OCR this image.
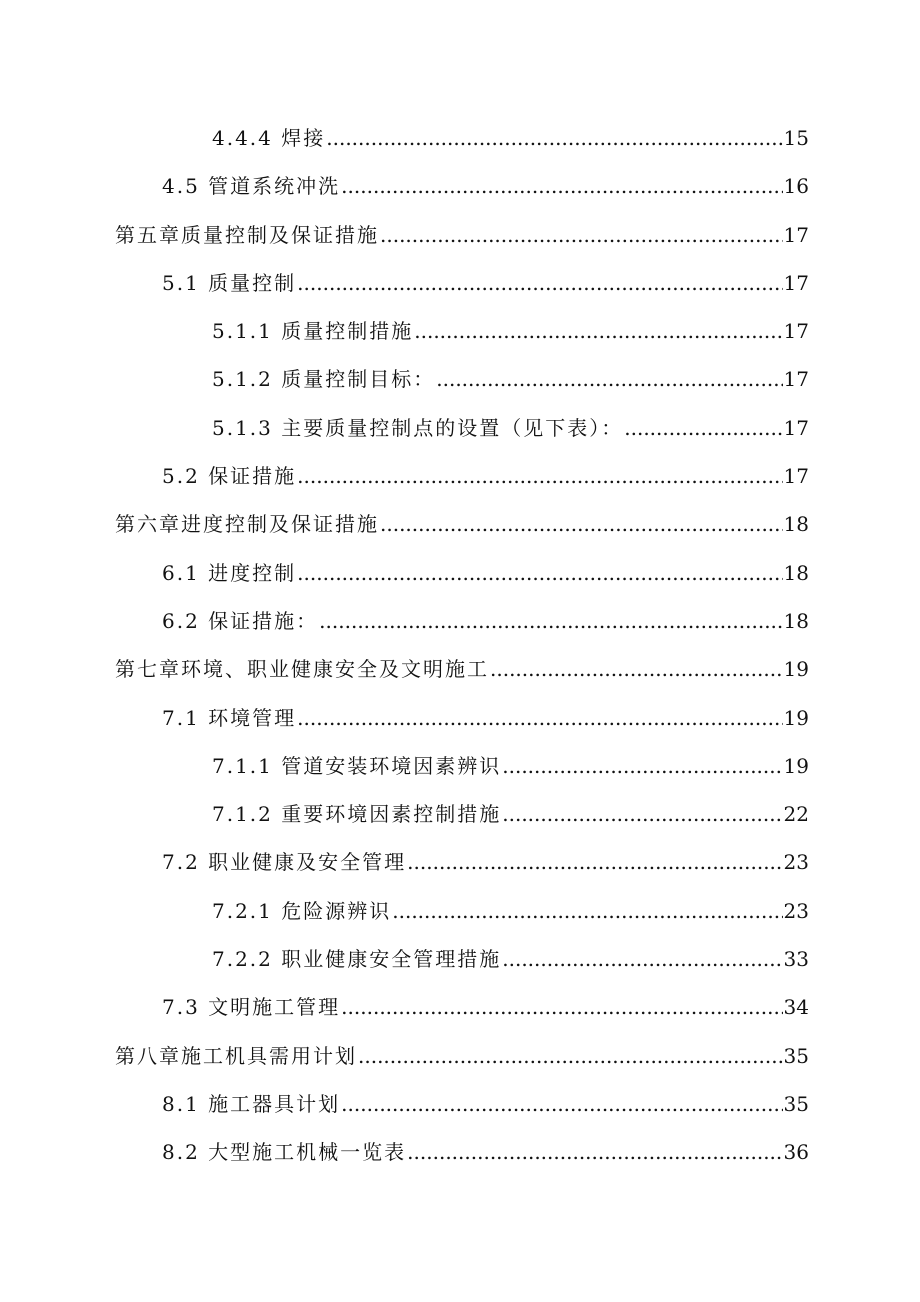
4.4.4 焊接 .....	15
4.5 管道系统冲洗 .....	16
第五章质量控制及保证措施 .....	17
5.1 质量控制 .....	17
5.1.1 质量控制措施 .....	17
5.1.2 质量控制目标： .....	17
5.1.3 主要质量控制点的设置（见下表）： .....	17
5.2 保证措施 .....	17
第六章进度控制及保证措施 .....	18
6.1 进度控制 .....	18
6.2 保证措施： .....	18
第七章环境、职业健康安全及文明施工 .....	19
7.1 环境管理 .....	19
7.1.1 管道安装环境因素辨识 .....	19
7.1.2 重要环境因素控制措施 .....	22
7.2 职业健康及安全管理 .....	23
7.2.1 危险源辨识 .....	23
7.2.2 职业健康安全管理措施 .....	33
7.3 文明施工管理 .....	34
第八章施工机具需用计划 .....	35
8.1 施工器具计划 .....	35
8.2 大型施工机械一览表 .....	36
